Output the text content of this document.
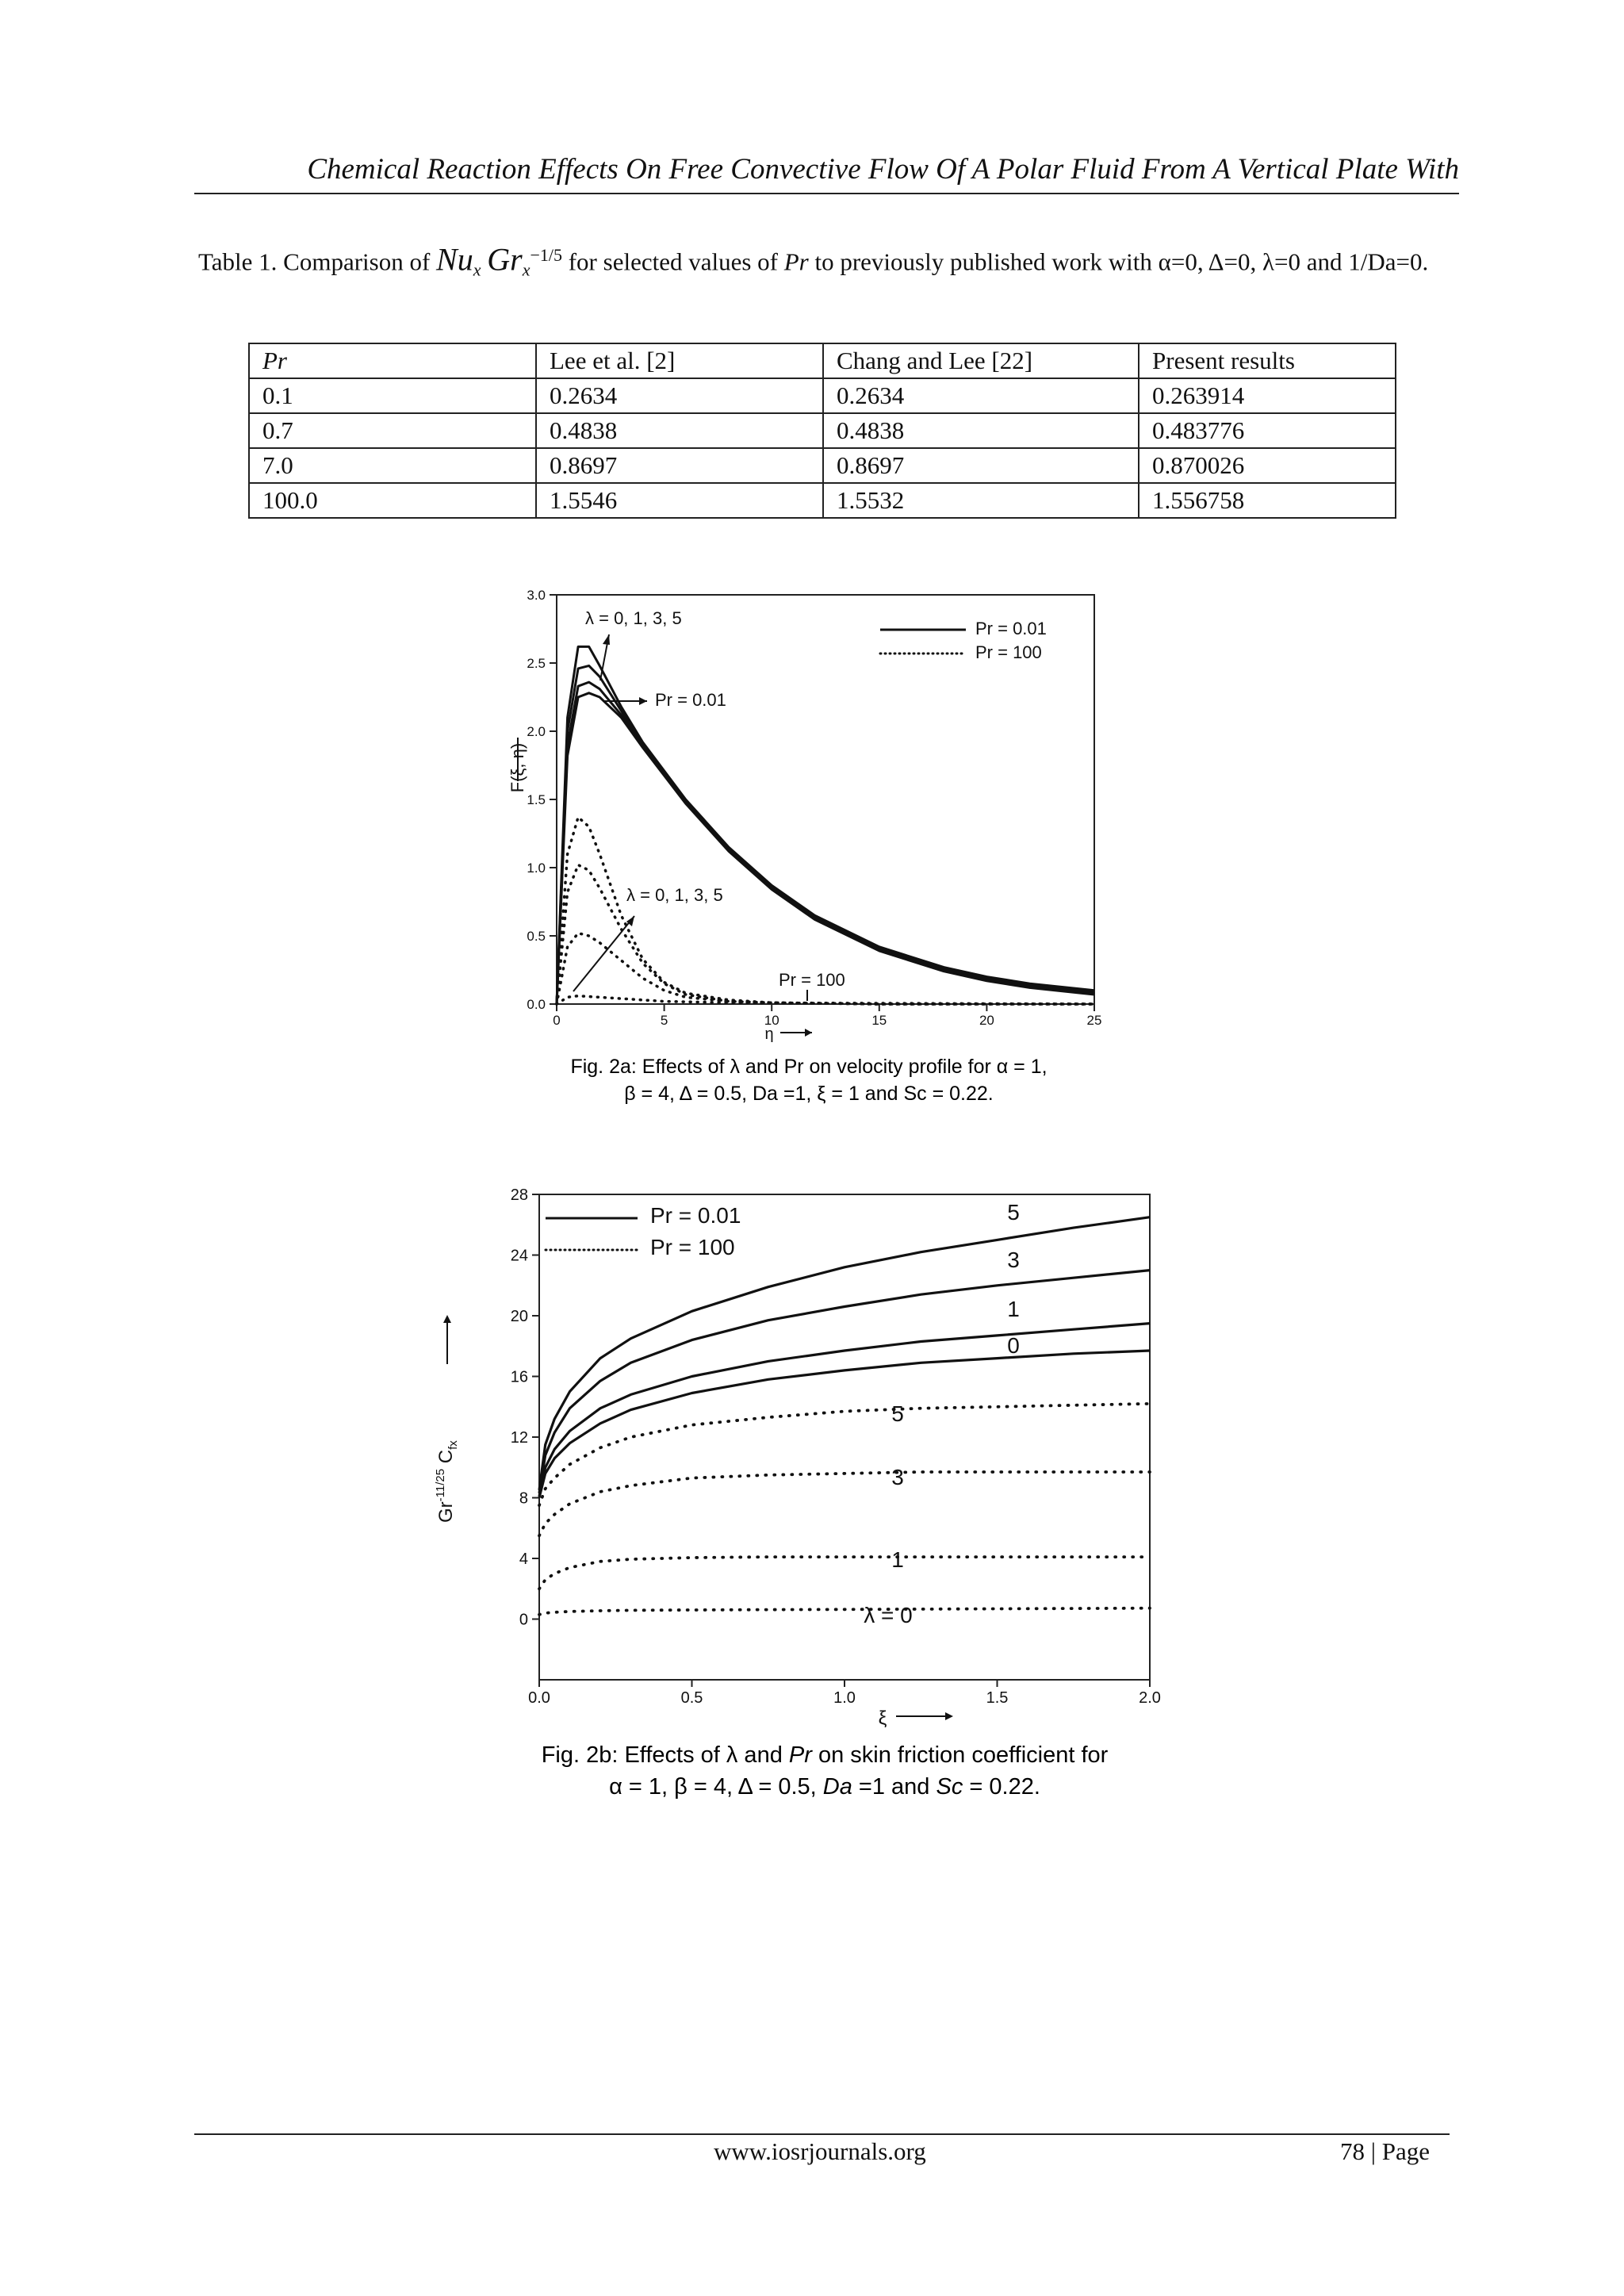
Chemical Reaction Effects On Free Convective Flow Of A Polar Fluid From A Vertical Plate With
Table 1. Comparison of $Nu_x$ $Gr_x^{-1/5}$ for selected values of Pr to previously published work with α=0, Δ=0, λ=0 and 1/Da=0.
Pr	Lee et al. [2]	Chang and Lee [22]	Present results
0.1	0.2634	0.2634	0.263914
0.7	0.4838	0.4838	0.483776
7.0	0.8697	0.8697	0.870026
100.0	1.5546	1.5532	1.556758
0	5	10	15	20	25
0.0
0.5
1.0
1.5
2.0
2.5
3.0
F(ξ, η)
η
Pr = 0.01
Pr = 100
λ = 0, 1, 3, 5
Pr = 0.01
λ = 0, 1, 3, 5
Pr = 100
Fig. 2a: Effects of λ and Pr on velocity profile for α = 1,
β = 4, Δ = 0.5, Da =1, ξ = 1 and Sc = 0.22.
0.0	0.5	1.0	1.5	2.0
0
4
8
12
16
20
24
28
$Gr^{-11/25}$ $C_{fx}$
ξ
Pr = 0.01
Pr = 100
5
3
1
0
5
3
1
λ = 0
Fig. 2b: Effects of λ and Pr on skin friction coefficient for
α = 1, β = 4, Δ = 0.5, Da =1 and Sc = 0.22.
www.iosrjournals.org	78 | Page
